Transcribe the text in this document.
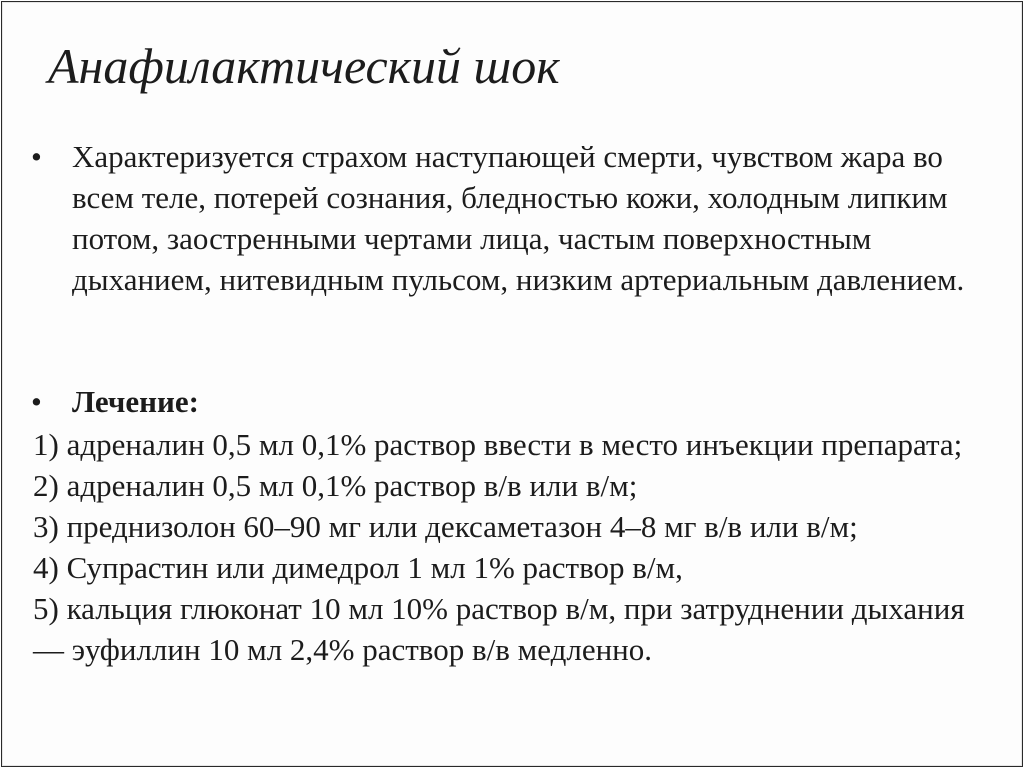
Анафилактический шок
• Характеризуется страхом наступающей смерти, чувством жара во всем теле, потерей сознания, бледностью кожи, холодным липким потом, заостренными чертами лица, частым поверхностным дыханием, нитевидным пульсом, низким артериальным давлением.

• Лечение:

1) адреналин 0,5 мл 0,1% раствор ввести в место инъекции препарата;
2) адреналин 0,5 мл 0,1% раствор в/в или в/м;
3) преднизолон 60–90 мг или дексаметазон 4–8 мг в/в или в/м;
4) Супрастин или димедрол 1 мл 1% раствор в/м,
5) кальция глюконат 10 мл 10% раствор в/м, при затруднении дыхания — эуфиллин 10 мл 2,4% раствор в/в медленно.
